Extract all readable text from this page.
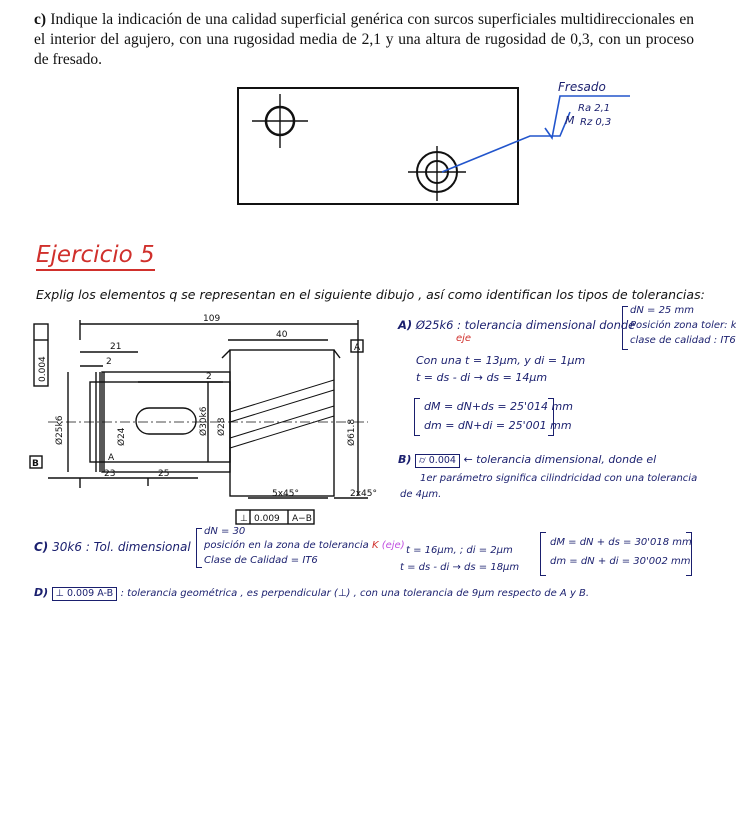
c) Indique la indicación de una calidad superficial genérica con surcos superficiales multidireccionales en el interior del agujero, con una rugosidad media de 2,1 y una altura de rugosidad de 0,3, con un proceso de fresado.
Fresado
M
Ra 2,1
Rz 0,3
Ejercicio 5
Explig los elementos q se representan en el siguiente dibujo , así como identifican los tipos de tolerancias:
109
40
21
2
2
23	25
5x45°	2x45°
⊥ 0.009 A−B
A
A
B
Ø25k6	Ø24
Ø30k6 Ø28	Ø61.8
0.004
A) Ø25k6 : tolerancia dimensional donde
eje
dN = 25 mm
Posición zona toler: k
clase de calidad : IT6
Con una t = 13µm, y di = 1µm
t = ds - di → ds = 14µm
dM = dN+ds = 25'014 mm
dm = dN+di = 25'001 mm
B) ⌭ 0.004 ← tolerancia dimensional, donde el
1er parámetro significa cilindricidad con una tolerancia
de 4µm.
C) 30k6 : Tol. dimensional
dN = 30
posición en la zona de tolerancia K (eje)
Clase de Calidad = IT6
t = 16µm, ; di = 2µm
t = ds - di → ds = 18µm
dM = dN + ds = 30'018 mm
dm = dN + di = 30'002 mm
D) ⊥ 0.009 A-B : tolerancia geométrica , es perpendicular (⊥) , con una tolerancia de 9µm respecto de A y B.
